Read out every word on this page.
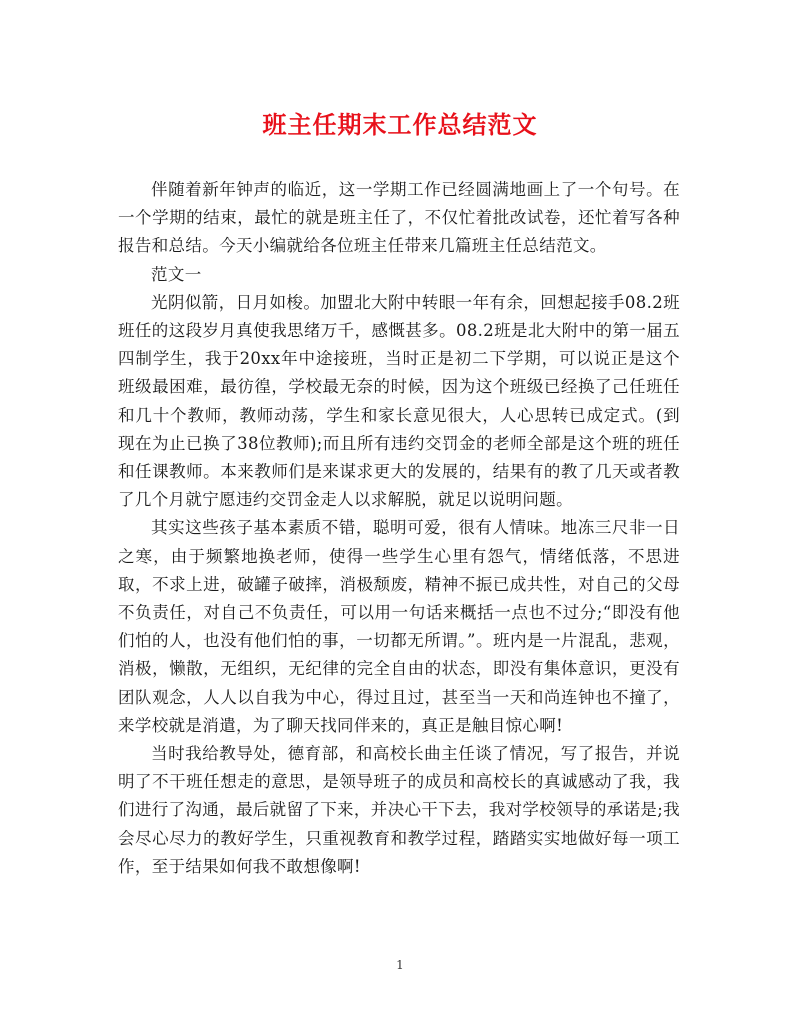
班主任期末工作总结范文

伴随着新年钟声的临近，这一学期工作已经圆满地画上了一个句号。在一个学期的结束，最忙的就是班主任了，不仅忙着批改试卷，还忙着写各种报告和总结。今天小编就给各位班主任带来几篇班主任总结范文。

范文一

光阴似箭，日月如梭。加盟北大附中转眼一年有余，回想起接手08.2班班任的这段岁月真使我思绪万千，感慨甚多。08.2班是北大附中的第一届五四制学生，我于20xx年中途接班，当时正是初二下学期，可以说正是这个班级最困难，最彷徨，学校最无奈的时候，因为这个班级已经换了己任班任和几十个教师，教师动荡，学生和家长意见很大，人心思转已成定式。(到现在为止已换了38位教师);而且所有违约交罚金的老师全部是这个班的班任和任课教师。本来教师们是来谋求更大的发展的，结果有的教了几天或者教了几个月就宁愿违约交罚金走人以求解脱，就足以说明问题。

其实这些孩子基本素质不错，聪明可爱，很有人情味。地冻三尺非一日之寒，由于频繁地换老师，使得一些学生心里有怨气，情绪低落，不思进取，不求上进，破罐子破摔，消极颓废，精神不振已成共性，对自己的父母不负责任，对自己不负责任，可以用一句话来概括一点也不过分;“即没有他们怕的人，也没有他们怕的事，一切都无所谓。”。班内是一片混乱，悲观，消极，懒散，无组织，无纪律的完全自由的状态，即没有集体意识，更没有团队观念，人人以自我为中心，得过且过，甚至当一天和尚连钟也不撞了，来学校就是消遣，为了聊天找同伴来的，真正是触目惊心啊!

当时我给教导处，德育部，和高校长曲主任谈了情况，写了报告，并说明了不干班任想走的意思，是领导班子的成员和高校长的真诚感动了我，我们进行了沟通，最后就留了下来，并决心干下去，我对学校领导的承诺是;我会尽心尽力的教好学生，只重视教育和教学过程，踏踏实实地做好每一项工作，至于结果如何我不敢想像啊!

1
